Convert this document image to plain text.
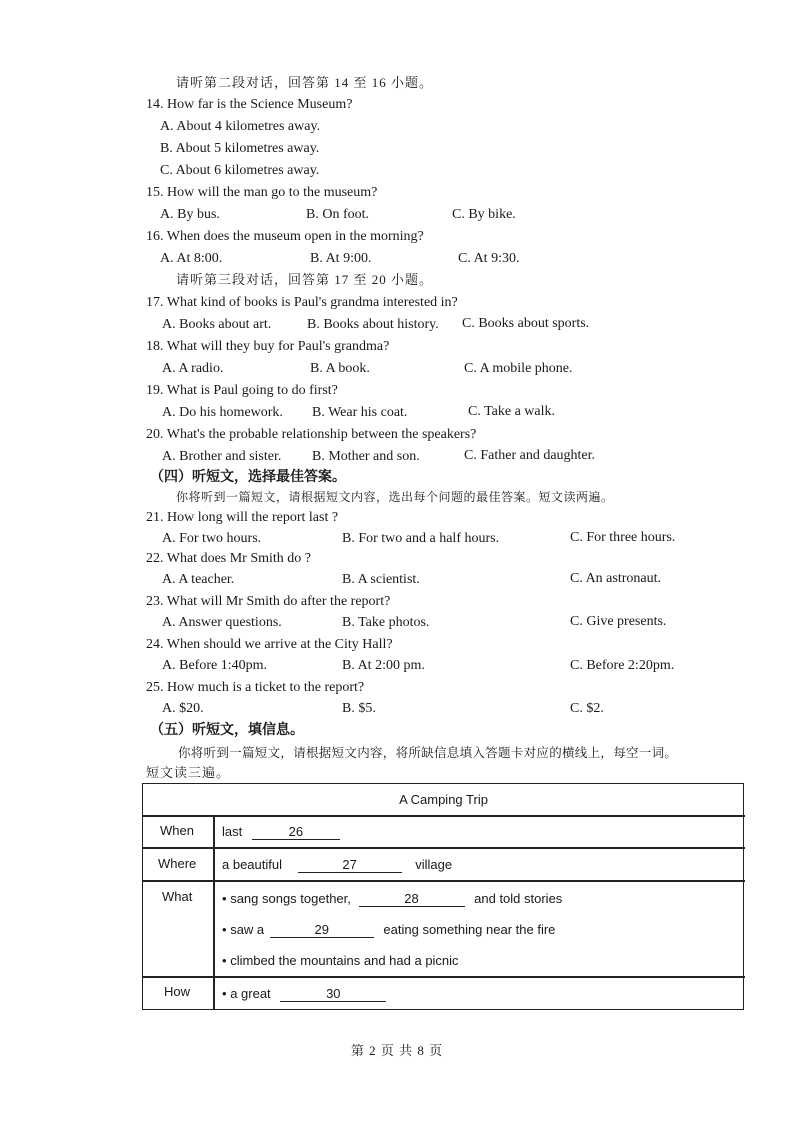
请听第二段对话，回答第 14 至 16 小题。
14. How far is the Science Museum?
A. About 4 kilometres away.
B. About 5 kilometres away.
C. About 6 kilometres away.
15. How will the man go to the museum?
A. By bus.	B. On foot.	C. By bike.
16. When does the museum open in the morning?
A. At 8:00.	B. At 9:00.	C. At 9:30.
请听第三段对话，回答第 17 至 20 小题。
17. What kind of books is Paul's grandma interested in?
A. Books about art.	B. Books about history. C. Books about sports.
18. What will they buy for Paul's grandma?
A. A radio.	B. A book.	C. A mobile phone.
19. What is Paul going to do first?
A. Do his homework. B. Wear his coat.	C. Take a walk.
20. What's the probable relationship between the speakers?
A. Brother and sister. B. Mother and son.	C. Father and daughter.
（四）听短文，选择最佳答案。
你将听到一篇短文，请根据短文内容，选出每个问题的最佳答案。短文读两遍。
21. How long will the report last ?
A. For two hours.	B. For two and a half hours.	C. For three hours.
22. What does Mr Smith do ?
A. A teacher.	B. A scientist.	C. An astronaut.
23. What will Mr Smith do after the report?
A. Answer questions.	B. Take photos.	C. Give presents.
24. When should we arrive at the City Hall?
A. Before 1:40pm.	B. At 2:00 pm.	C. Before 2:20pm.
25. How much is a ticket to the report?
A. $20.	B. $5.	C. $2.
（五）听短文，填信息。
你将听到一篇短文，请根据短文内容，将所缺信息填入答题卡对应的横线上，每空一词。
短文读三遍。
A Camping Trip
When last	26
Where a beautiful	27	village
What • sang songs together,	28	and told stories
• saw a	29	eating something near the fire
• climbed the mountains and had a picnic
How • a great	30
第 2 页 共 8 页
